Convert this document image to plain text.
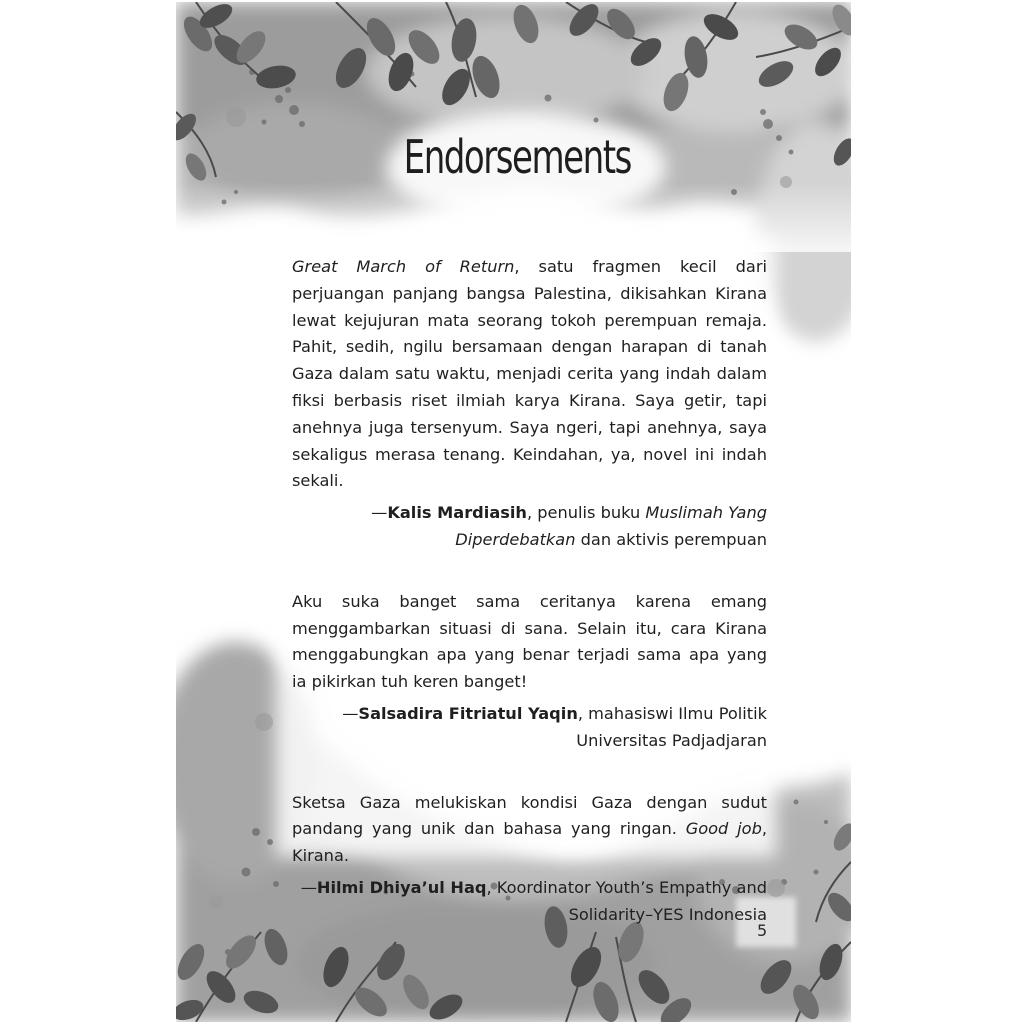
Endorsements

Great March of Return, satu fragmen kecil dari perjuangan panjang bangsa Palestina, dikisahkan Kirana lewat kejujuran mata seorang tokoh perempuan remaja. Pahit, sedih, ngilu bersamaan dengan harapan di tanah Gaza dalam satu waktu, menjadi cerita yang indah dalam fiksi berbasis riset ilmiah karya Kirana. Saya getir, tapi anehnya juga tersenyum. Saya ngeri, tapi anehnya, saya sekaligus merasa tenang. Keindahan, ya, novel ini indah sekali.

—Kalis Mardiasih, penulis buku Muslimah Yang Diperdebatkan dan aktivis perempuan

Aku suka banget sama ceritanya karena emang menggambarkan situasi di sana. Selain itu, cara Kirana menggabungkan apa yang benar terjadi sama apa yang ia pikirkan tuh keren banget!

—Salsadira Fitriatul Yaqin, mahasiswi Ilmu Politik Universitas Padjadjaran

Sketsa Gaza melukiskan kondisi Gaza dengan sudut pandang yang unik dan bahasa yang ringan. Good job, Kirana.

—Hilmi Dhiya’ul Haq, Koordinator Youth’s Empathy and Solidarity–YES Indonesia

5
